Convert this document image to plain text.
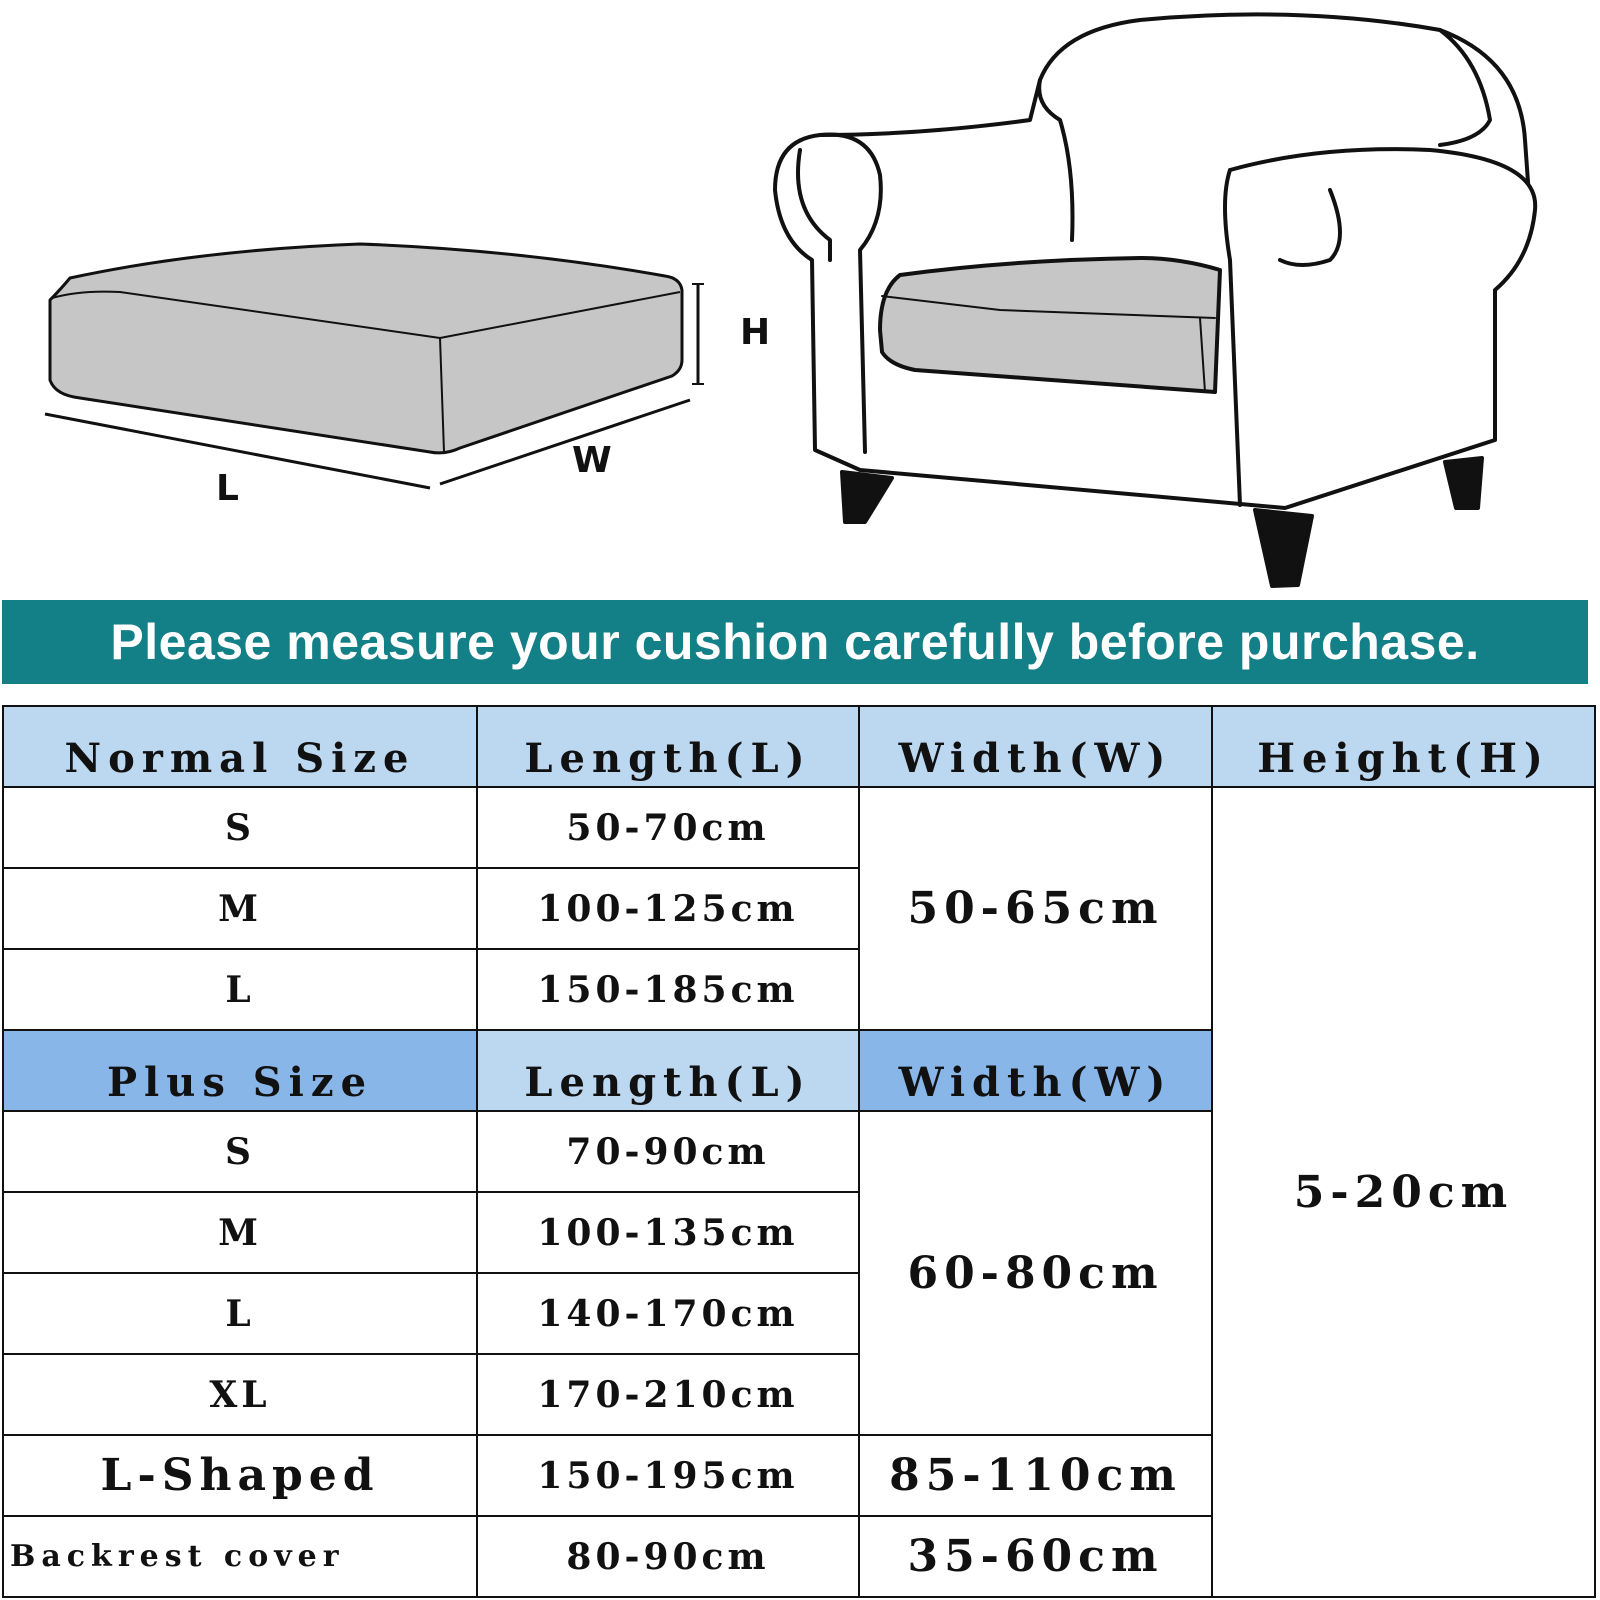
H
L
W
Please measure your cushion carefully before purchase.
Normal Size	Length(L)	Width(W)	Height(H)
S	50-70cm	50-65cm	5-20cm
M	100-125cm		
L	150-185cm		
Plus Size	Length(L)	Width(W)	
S	70-90cm	60-80cm	
M	100-135cm		
L	140-170cm		
XL	170-210cm		
L-Shaped	150-195cm	85-110cm	
Backrest cover	80-90cm	35-60cm	
